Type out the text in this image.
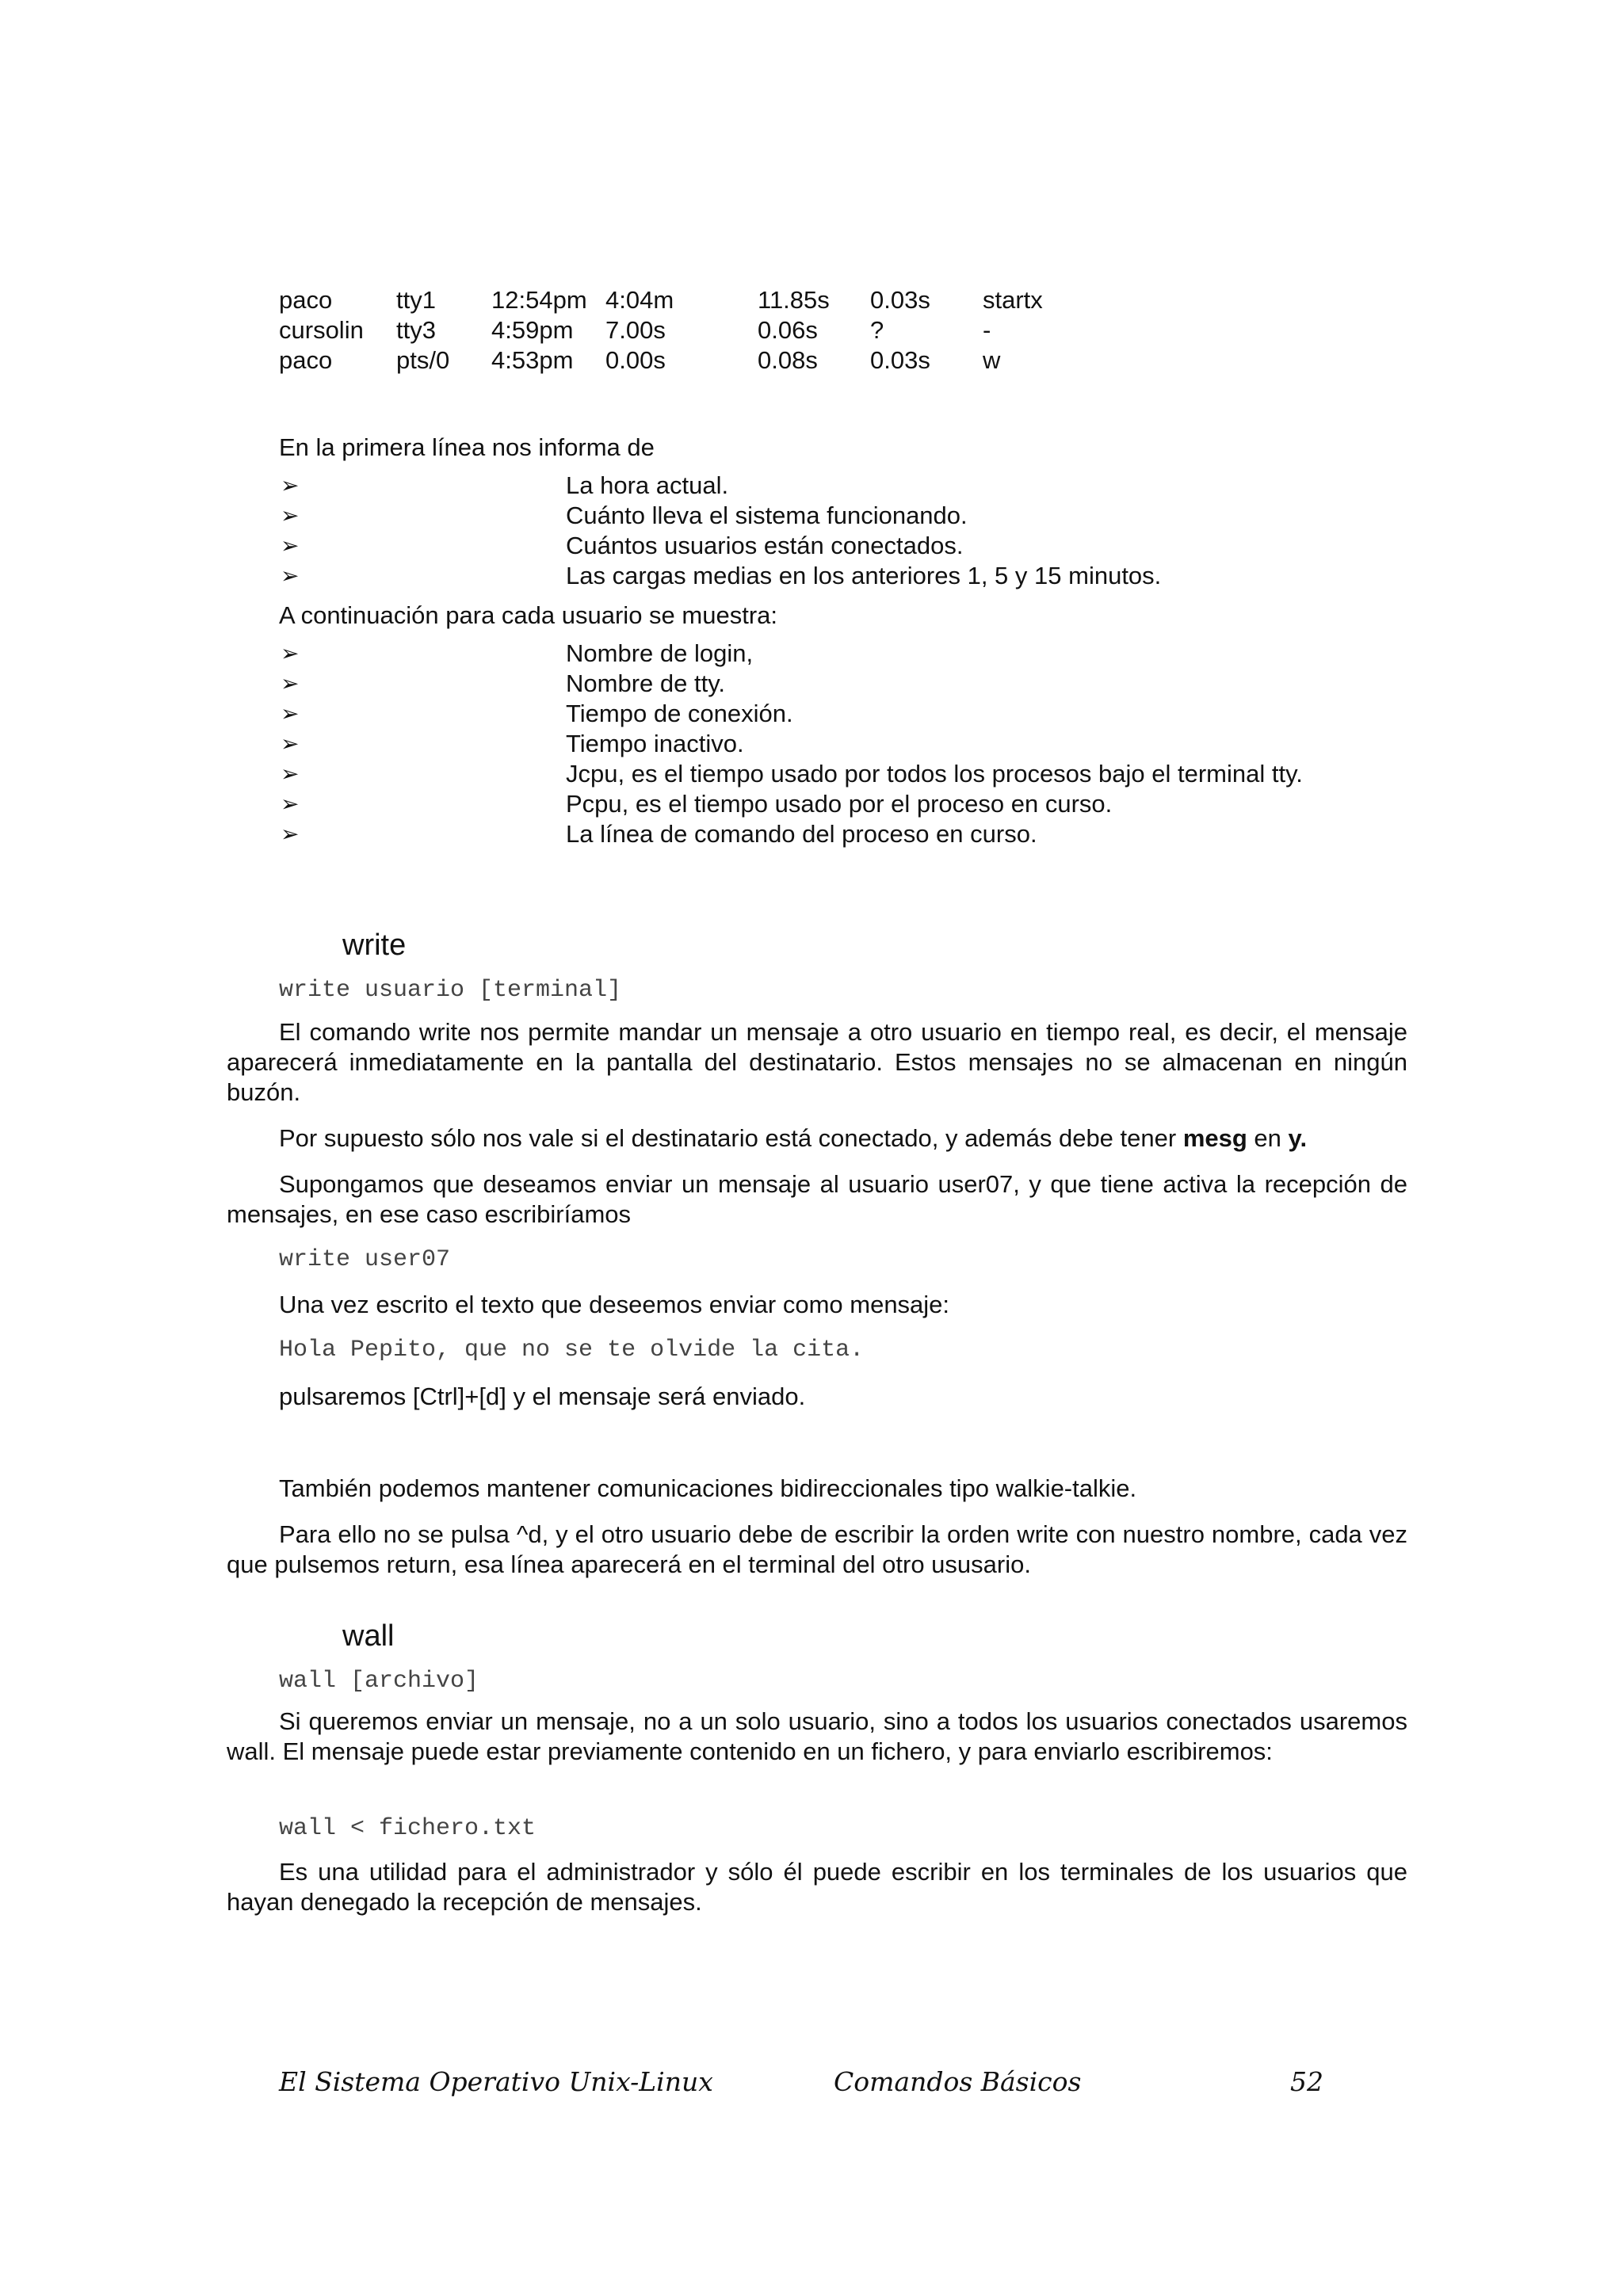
paco	tty1 12:54pm 4:04m	11.85s 0.03s startx
cursolin tty3 4:59pm 7.00s	0.06s ?	-
paco	pts/0 4:53pm 0.00s	0.08s 0.03s w
En la primera línea nos informa de
➢	La hora actual.
➢	Cuánto lleva el sistema funcionando.
➢	Cuántos usuarios están conectados.
➢	Las cargas medias en los anteriores 1, 5 y 15 minutos.
A continuación para cada usuario se muestra:
➢	Nombre de login,
➢	Nombre de tty.
➢	Tiempo de conexión.
➢	Tiempo inactivo.
➢	Jcpu, es el tiempo usado por todos los procesos bajo el terminal tty.
➢	Pcpu, es el tiempo usado por el proceso en curso.
➢	La línea de comando del proceso en curso.
write
write usuario [terminal]
El comando write nos permite mandar un mensaje a otro usuario en tiempo real, es decir, el mensaje aparecerá inmediatamente en la pantalla del destinatario. Estos mensajes no se almacenan en ningún buzón.
Por supuesto sólo nos vale si el destinatario está conectado, y además debe tener mesg en y.
Supongamos que deseamos enviar un mensaje al usuario user07, y que tiene activa la recepción de mensajes, en ese caso escribiríamos
write user07
Una vez escrito el texto que deseemos enviar como mensaje:
Hola Pepito, que no se te olvide la cita.
pulsaremos [Ctrl]+[d] y el mensaje será enviado.
También podemos mantener comunicaciones bidireccionales tipo walkie-talkie.
Para ello no se pulsa ^d, y el otro usuario debe de escribir la orden write con nuestro nombre, cada vez que pulsemos return, esa línea aparecerá en el terminal del otro ususario.
wall
wall [archivo]
Si queremos enviar un mensaje, no a un solo usuario, sino a todos los usuarios conectados usaremos wall. El mensaje puede estar previamente contenido en un fichero, y para enviarlo escribiremos:
wall < fichero.txt
Es una utilidad para el administrador y sólo él puede escribir en los terminales de los usuarios que hayan denegado la recepción de mensajes.
El Sistema Operativo Unix-Linux	Comandos Básicos	52
